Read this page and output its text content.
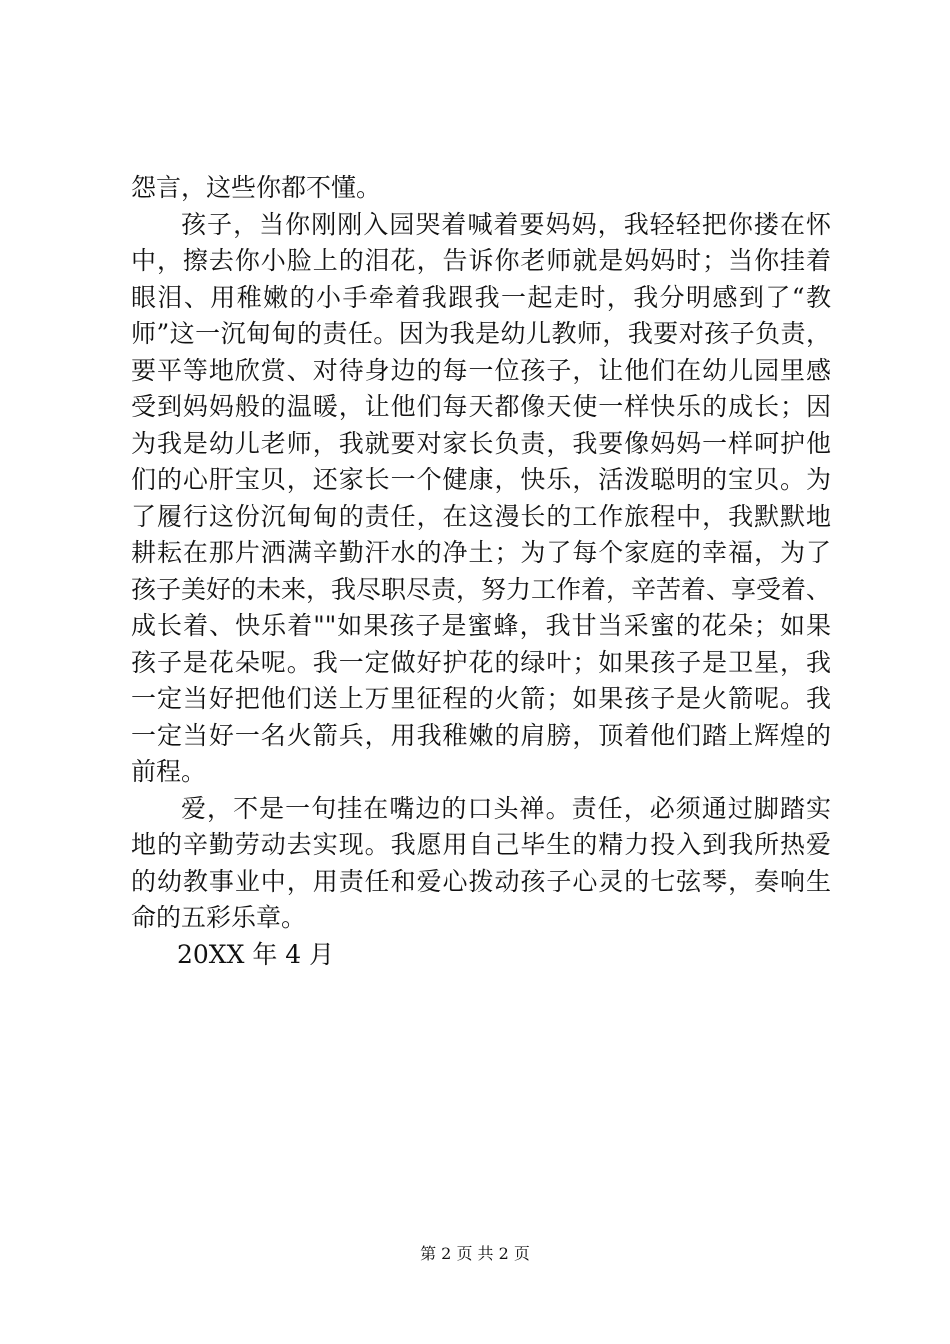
怨言，这些你都不懂。
孩子，当你刚刚入园哭着喊着要妈妈，我轻轻把你搂在怀
中，擦去你小脸上的泪花，告诉你老师就是妈妈时；当你挂着
眼泪、用稚嫩的小手牵着我跟我一起走时，我分明感到了“教
师”这一沉甸甸的责任。因为我是幼儿教师，我要对孩子负责，
要平等地欣赏、对待身边的每一位孩子，让他们在幼儿园里感
受到妈妈般的温暖，让他们每天都像天使一样快乐的成长；因
为我是幼儿老师，我就要对家长负责，我要像妈妈一样呵护他
们的心肝宝贝，还家长一个健康，快乐，活泼聪明的宝贝。为
了履行这份沉甸甸的责任，在这漫长的工作旅程中，我默默地
耕耘在那片洒满辛勤汗水的净土；为了每个家庭的幸福，为了
孩子美好的未来，我尽职尽责，努力工作着，辛苦着、享受着、
成长着、快乐着""如果孩子是蜜蜂，我甘当采蜜的花朵；如果
孩子是花朵呢。我一定做好护花的绿叶；如果孩子是卫星，我
一定当好把他们送上万里征程的火箭；如果孩子是火箭呢。我
一定当好一名火箭兵，用我稚嫩的肩膀，顶着他们踏上辉煌的
前程。
爱，不是一句挂在嘴边的口头禅。责任，必须通过脚踏实
地的辛勤劳动去实现。我愿用自己毕生的精力投入到我所热爱
的幼教事业中，用责任和爱心拨动孩子心灵的七弦琴，奏响生
命的五彩乐章。
20XX 年 4 月
第 2 页 共 2 页
